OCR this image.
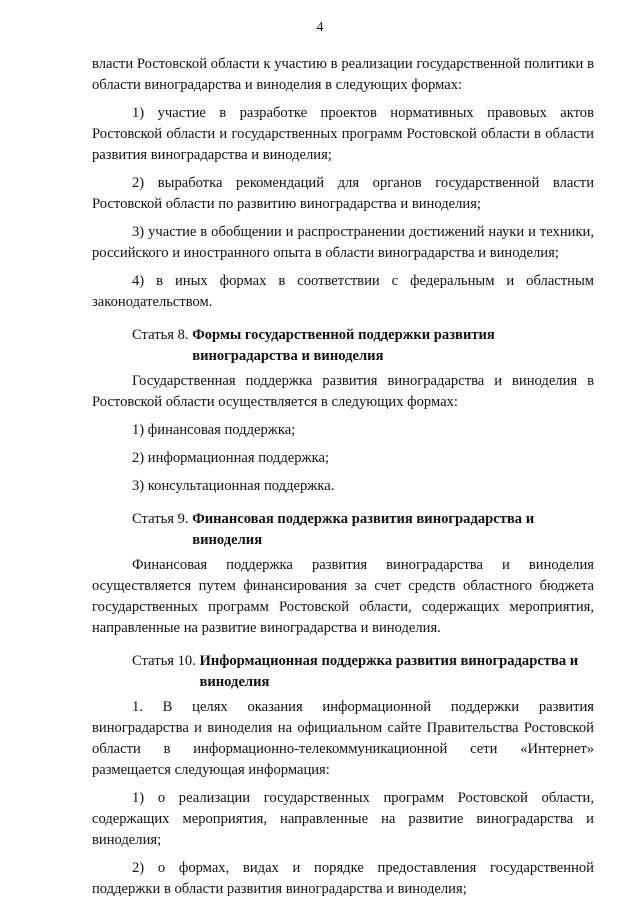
4

власти Ростовской области к участию в реализации государственной политики в области виноградарства и виноделия в следующих формах:

1) участие в разработке проектов нормативных правовых актов Ростовской области и государственных программ Ростовской области в области развития виноградарства и виноделия;

2) выработка рекомендаций для органов государственной власти Ростовской области по развитию виноградарства и виноделия;

3) участие в обобщении и распространении достижений науки и техники, российского и иностранного опыта в области виноградарства и виноделия;

4) в иных формах в соответствии с федеральным и областным законодательством.

Статья 8. Формы государственной поддержки развития виноградарства и виноделия

Государственная поддержка развития виноградарства и виноделия в Ростовской области осуществляется в следующих формах:

1) финансовая поддержка;

2) информационная поддержка;

3) консультационная поддержка.

Статья 9. Финансовая поддержка развития виноградарства и виноделия

Финансовая поддержка развития виноградарства и виноделия осуществляется путем финансирования за счет средств областного бюджета государственных программ Ростовской области, содержащих мероприятия, направленные на развитие виноградарства и виноделия.

Статья 10. Информационная поддержка развития виноградарства и виноделия

1. В целях оказания информационной поддержки развития виноградарства и виноделия на официальном сайте Правительства Ростовской области в информационно-телекоммуникационной сети «Интернет» размещается следующая информация:

1) о реализации государственных программ Ростовской области, содержащих мероприятия, направленные на развитие виноградарства и виноделия;

2) о формах, видах и порядке предоставления государственной поддержки в области развития виноградарства и виноделия;
